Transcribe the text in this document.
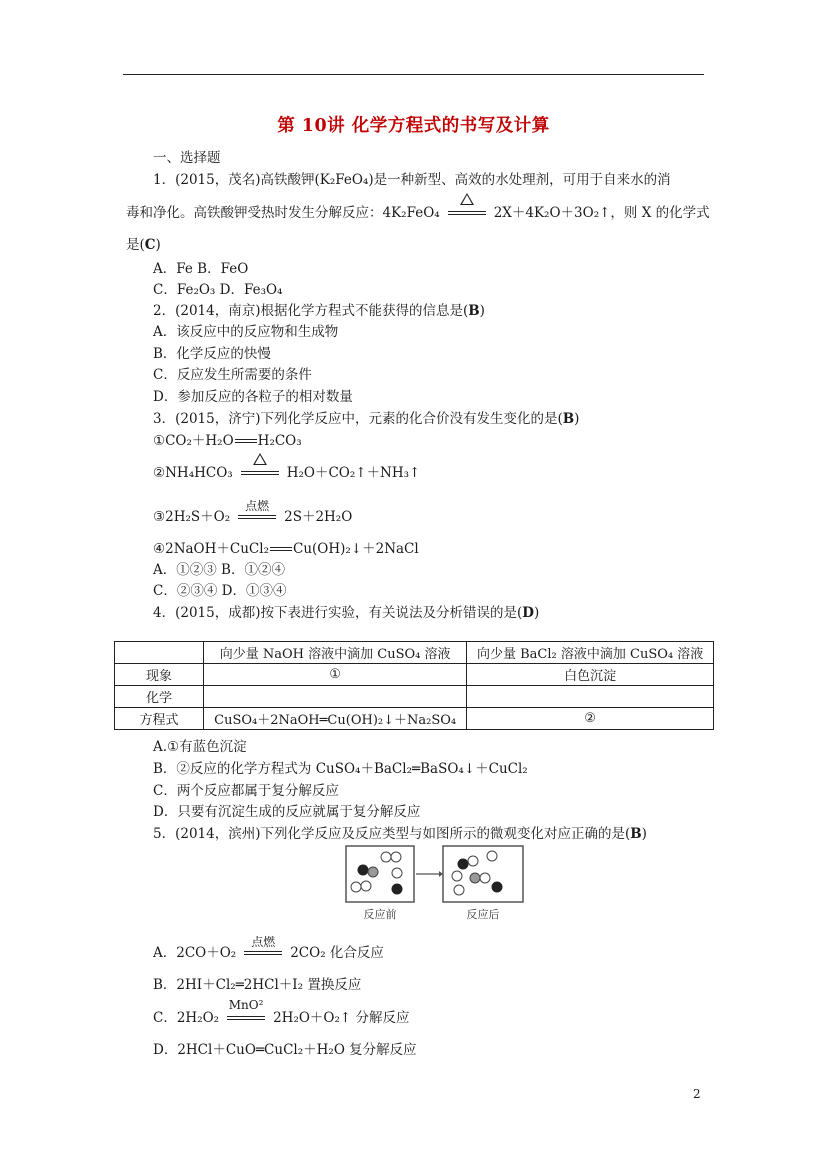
第 10讲 化学方程式的书写及计算
一、选择题
1．(2015，茂名)高铁酸钾(K₂FeO₄)是一种新型、高效的水处理剂，可用于自来水的消
毒和净化。高铁酸钾受热时发生分解反应：4K₂FeO₄	2X＋4K₂O＋3O₂↑，则 X 的化学式
是(C)
A．Fe B．FeO
C．Fe₂O₃ D．Fe₃O₄
2．(2014，南京)根据化学方程式不能获得的信息是(B)
A．该反应中的反应物和生成物
B．化学反应的快慢
C．反应发生所需要的条件
D．参加反应的各粒子的相对数量
3．(2015，济宁)下列化学反应中，元素的化合价没有发生变化的是(B)
①CO₂＋H₂O H₂CO₃
②NH₄HCO₃	H₂O＋CO₂↑＋NH₃↑
③2H₂S＋O₂
点燃
2S＋2H₂O
④2NaOH＋CuCl₂ Cu(OH)₂↓＋2NaCl
A．①②③ B．①②④
C．②③④ D．①③④
4．(2015，成都)按下表进行实验，有关说法及分析错误的是(D)
	向少量 NaOH 溶液中滴加 CuSO₄ 溶液	向少量 BaCl₂ 溶液中滴加 CuSO₄ 溶液
现象	①	白色沉淀
化学		
方程式	CuSO₄＋2NaOH═Cu(OH)₂↓＋Na₂SO₄	②
A.①有蓝色沉淀
B．②反应的化学方程式为 CuSO₄＋BaCl₂═BaSO₄↓＋CuCl₂
C．两个反应都属于复分解反应
D．只要有沉淀生成的反应就属于复分解反应
5．(2014，滨州)下列化学反应及反应类型与如图所示的微观变化对应正确的是(B)
反应前	反应后
A．2CO＋O₂
点燃
2CO₂ 化合反应
B．2HI＋Cl₂═2HCl＋I₂ 置换反应
C．2H₂O₂
MnO²
2H₂O＋O₂↑ 分解反应
D．2HCl＋CuO═CuCl₂＋H₂O 复分解反应
2
